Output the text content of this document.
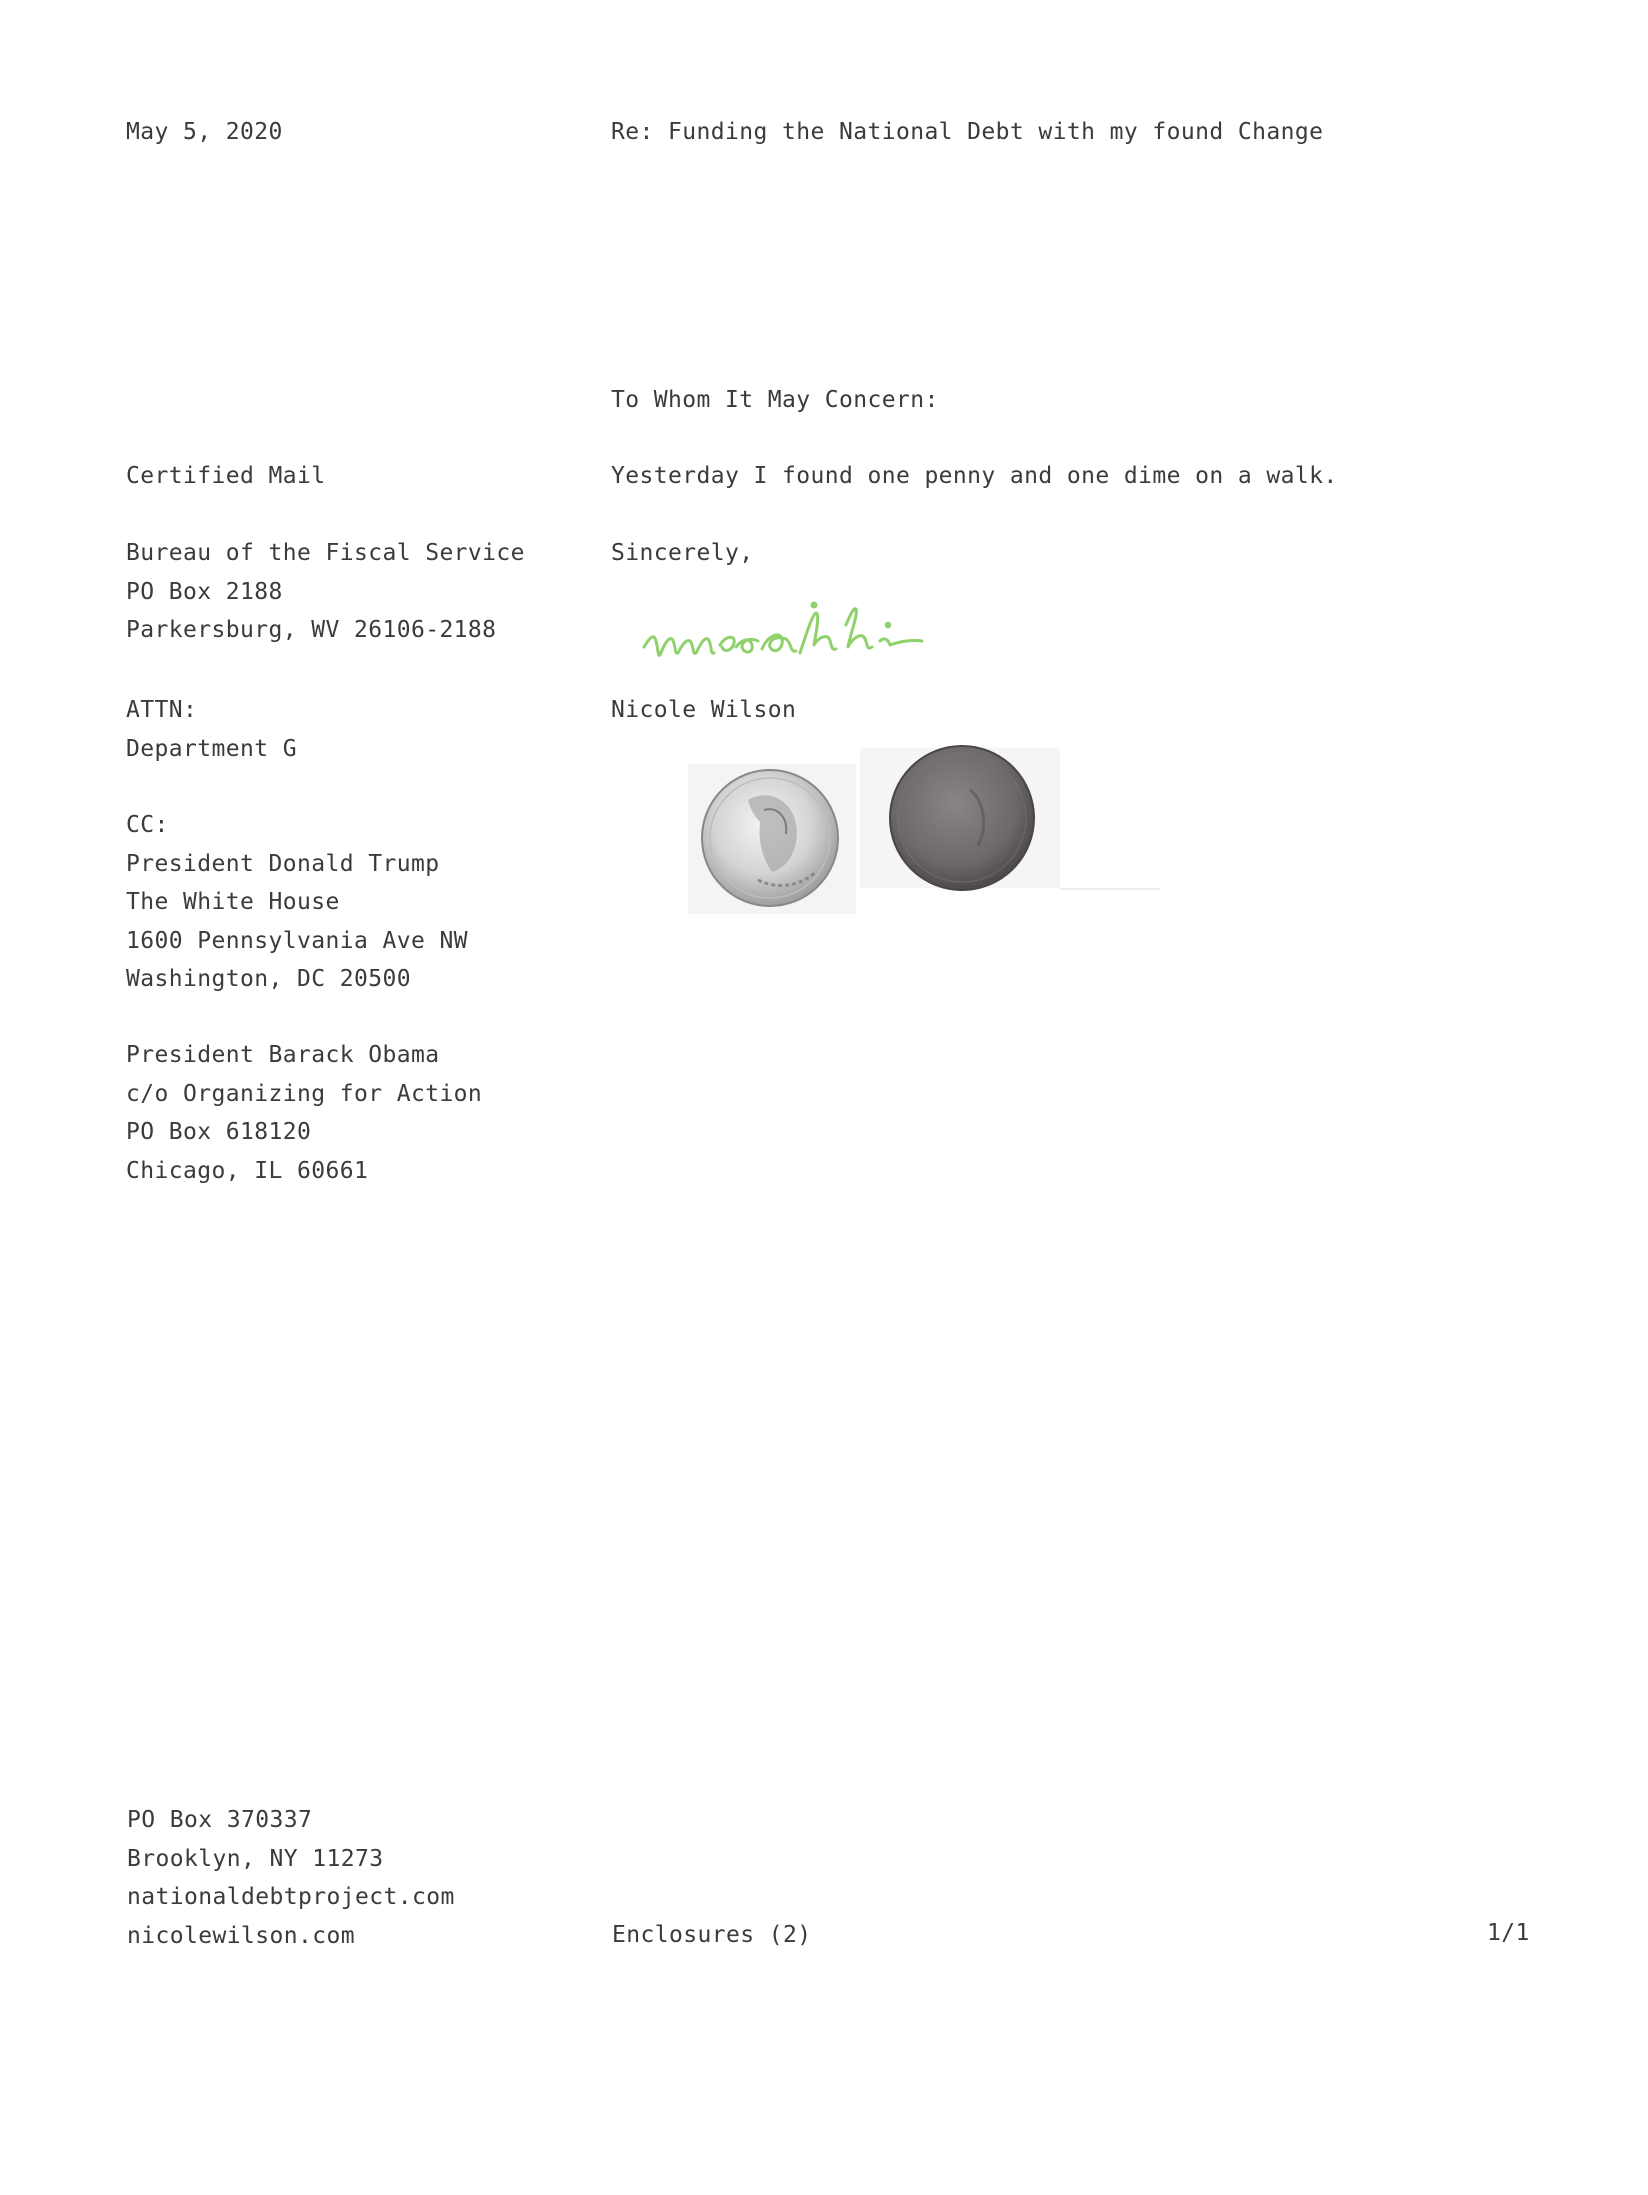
May 5, 2020	Re: Funding the National Debt with my found Change
To Whom It May Concern:
Yesterday I found one penny and one dime on a walk.
Sincerely,
Nicole Wilson
Certified Mail
Bureau of the Fiscal Service
PO Box 2188
Parkersburg, WV 26106-2188
ATTN:
Department G
CC:
President Donald Trump
The White House
1600 Pennsylvania Ave NW
Washington, DC 20500
President Barack Obama
c/o Organizing for Action
PO Box 618120
Chicago, IL 60661
PO Box 370337
Brooklyn, NY 11273
nationaldebtproject.com
nicolewilson.com	Enclosures (2)	1/1
